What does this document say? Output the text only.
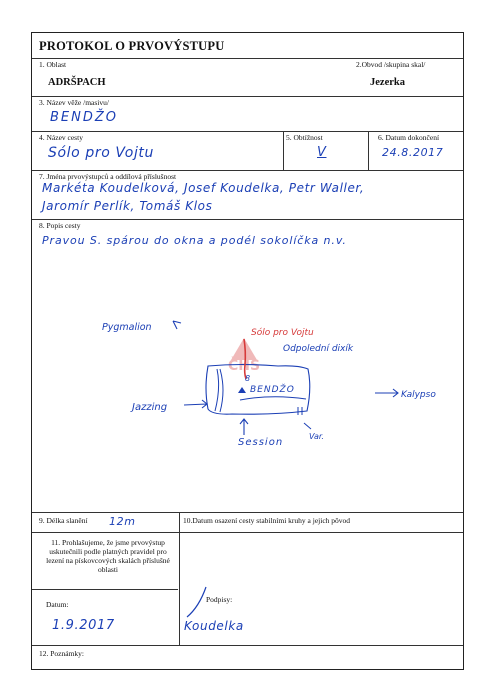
PROTOKOL O PRVOVÝSTUPU
1. Oblast
ADRŠPACH
2.Obvod /skupina skal/
Jezerka
3. Název věže /masivu/
BENDŽO
4. Název cesty
Sólo pro Vojtu
5. Obtížnost
V
6. Datum dokončení
24.8.2017
7. Jména prvovýstupců a oddílová příslušnost
Markéta Koudelková, Josef Koudelka, Petr Waller,
Jaromír Perlík, Tomáš Klos
8. Popis cesty
Pravou S. spárou do okna a podél sokolíčka n.v.
ČHS
Pygmalion	Sólo pro Vojtu
Odpolední dixík
8
BENDŽO
Jazzing
Kalypso
Session
Var.
9. Délka slanění 12m	10.Datum osazení cesty stabilními kruhy a jejich pôvod
11. Prohlašujeme, že jsme prvovýstup uskutečnili podle platných pravidel pro lezení na pískovcových skalách příslušné oblasti
Datum:
1.9.2017
Podpisy:
Koudelka
12. Poznámky:
